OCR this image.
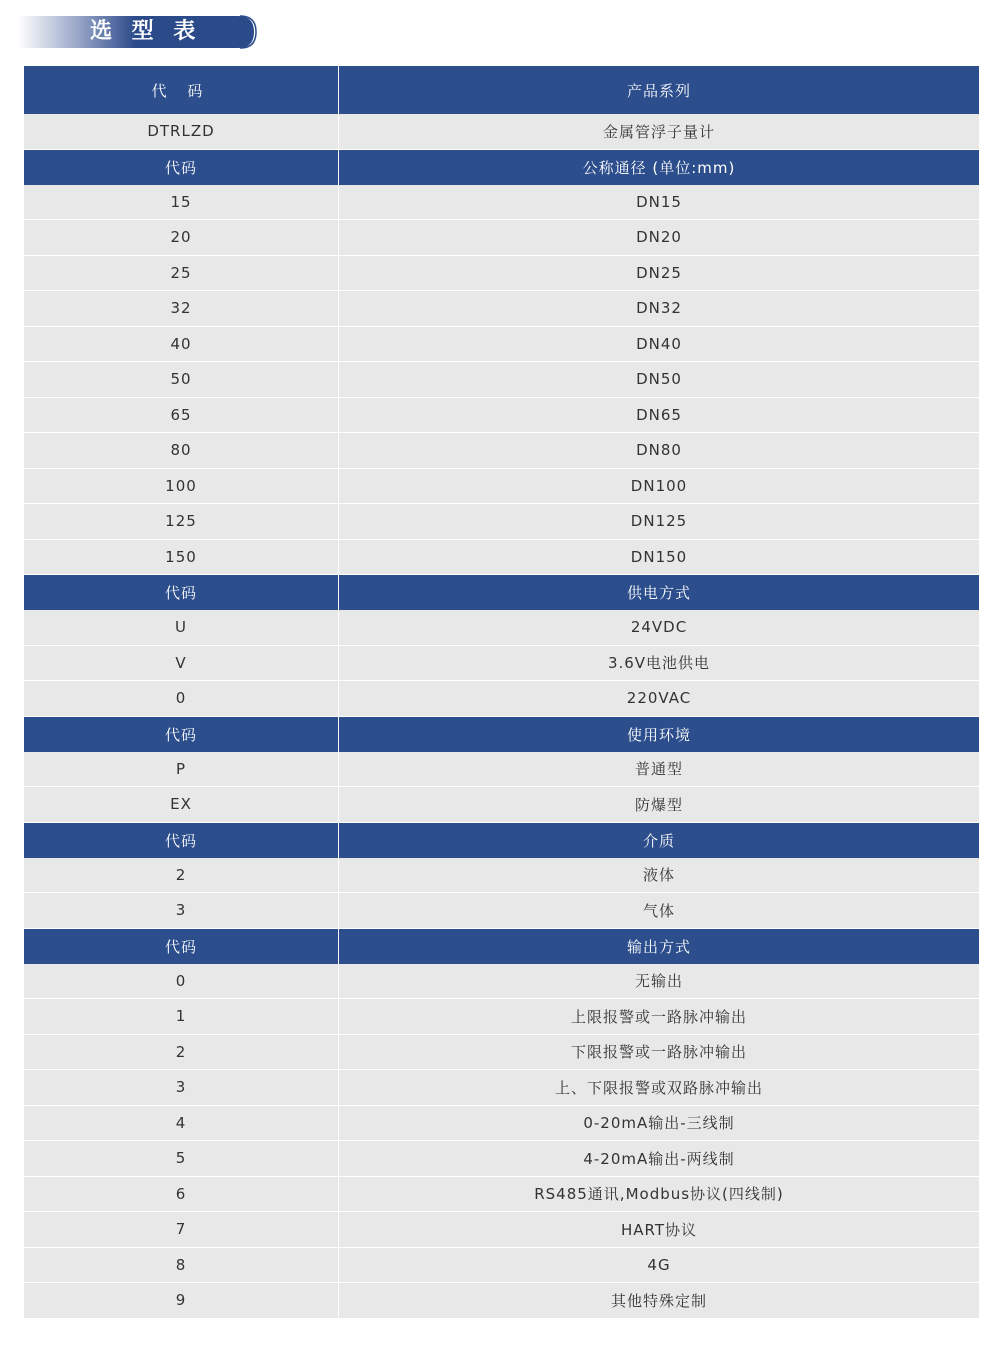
选 型 表
代 码	产品系列
DTRLZD	金属管浮子量计
代码	公称通径 (单位:mm)
15	DN15
20	DN20
25	DN25
32	DN32
40	DN40
50	DN50
65	DN65
80	DN80
100	DN100
125	DN125
150	DN150
代码	供电方式
U	24VDC
V	3.6V电池供电
0	220VAC
代码	使用环境
P	普通型
EX	防爆型
代码	介质
2	液体
3	气体
代码	输出方式
0	无输出
1	上限报警或一路脉冲输出
2	下限报警或一路脉冲输出
3	上、下限报警或双路脉冲输出
4	0-20mA输出-三线制
5	4-20mA输出-两线制
6	RS485通讯,Modbus协议(四线制)
7	HART协议
8	4G
9	其他特殊定制
